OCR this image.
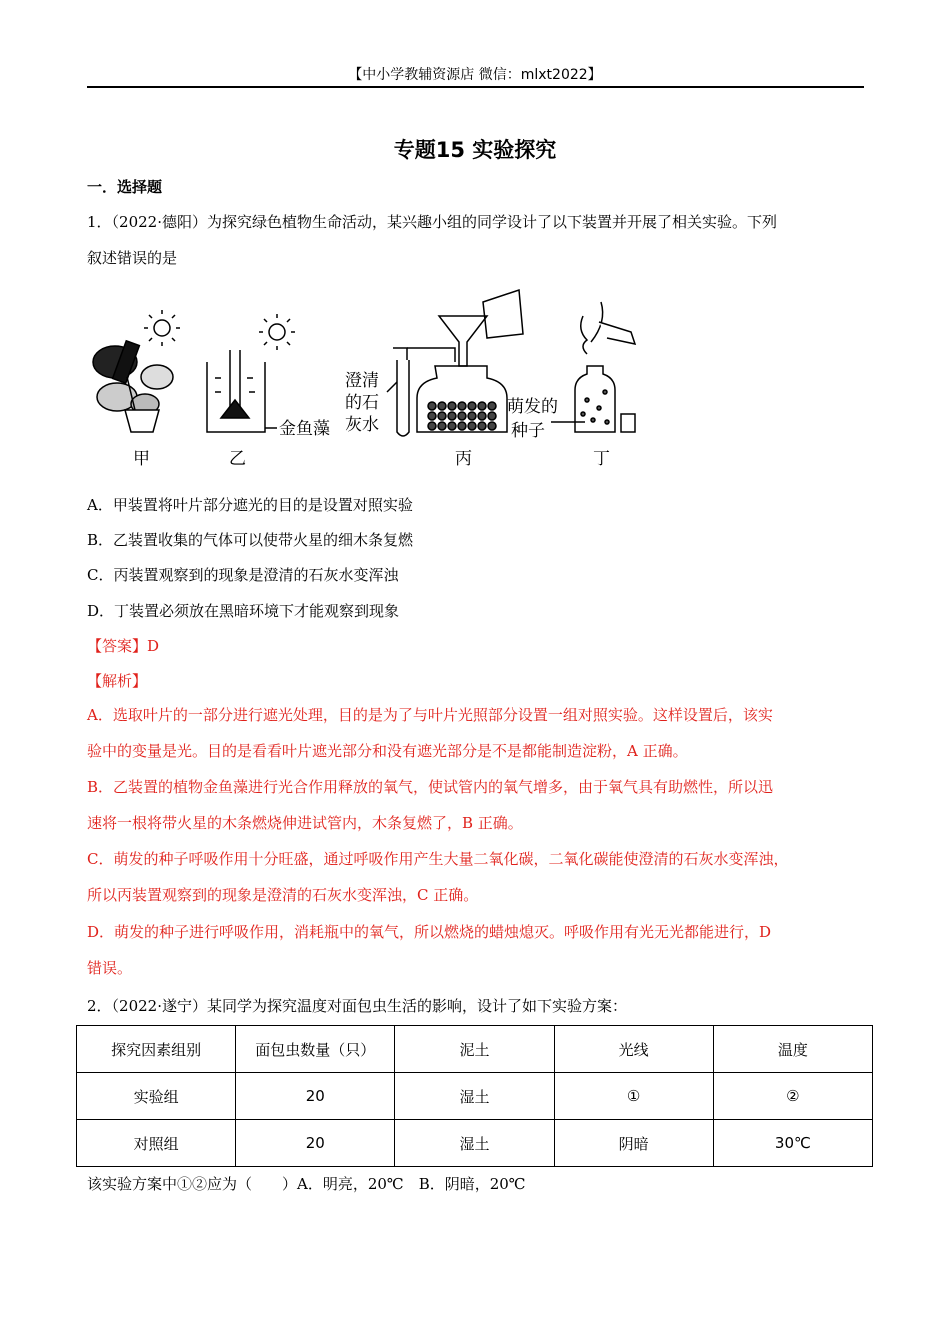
【中小学教辅资源店 微信：mlxt2022】
专题15 实验探究
一．选择题
1．（2022·德阳）为探究绿色植物生命活动，某兴趣小组的同学设计了以下装置并开展了相关实验。下列
叙述错误的是
甲	乙	丙	丁
金鱼藻
澄清
的石
灰水
萌发的
种子
A．甲装置将叶片部分遮光的目的是设置对照实验
B．乙装置收集的气体可以使带火星的细木条复燃
C．丙装置观察到的现象是澄清的石灰水变浑浊
D．丁装置必须放在黑暗环境下才能观察到现象
【答案】D
【解析】
A．选取叶片的一部分进行遮光处理，目的是为了与叶片光照部分设置一组对照实验。这样设置后，该实
验中的变量是光。目的是看看叶片遮光部分和没有遮光部分是不是都能制造淀粉，A 正确。
B．乙装置的植物金鱼藻进行光合作用释放的氧气，使试管内的氧气增多，由于氧气具有助燃性，所以迅
速将一根将带火星的木条燃烧伸进试管内，木条复燃了，B 正确。
C．萌发的种子呼吸作用十分旺盛，通过呼吸作用产生大量二氧化碳，二氧化碳能使澄清的石灰水变浑浊，
所以丙装置观察到的现象是澄清的石灰水变浑浊，C 正确。
D．萌发的种子进行呼吸作用，消耗瓶中的氧气，所以燃烧的蜡烛熄灭。呼吸作用有光无光都能进行，D
错误。
2．（2022·遂宁）某同学为探究温度对面包虫生活的影响，设计了如下实验方案：
探究因素组别	面包虫数量（只）	泥土	光线	温度
实验组	20	湿土	①	②
对照组	20	湿土	阴暗	30℃
该实验方案中①②应为（　　）A．明亮，20℃　B．阴暗，20℃
